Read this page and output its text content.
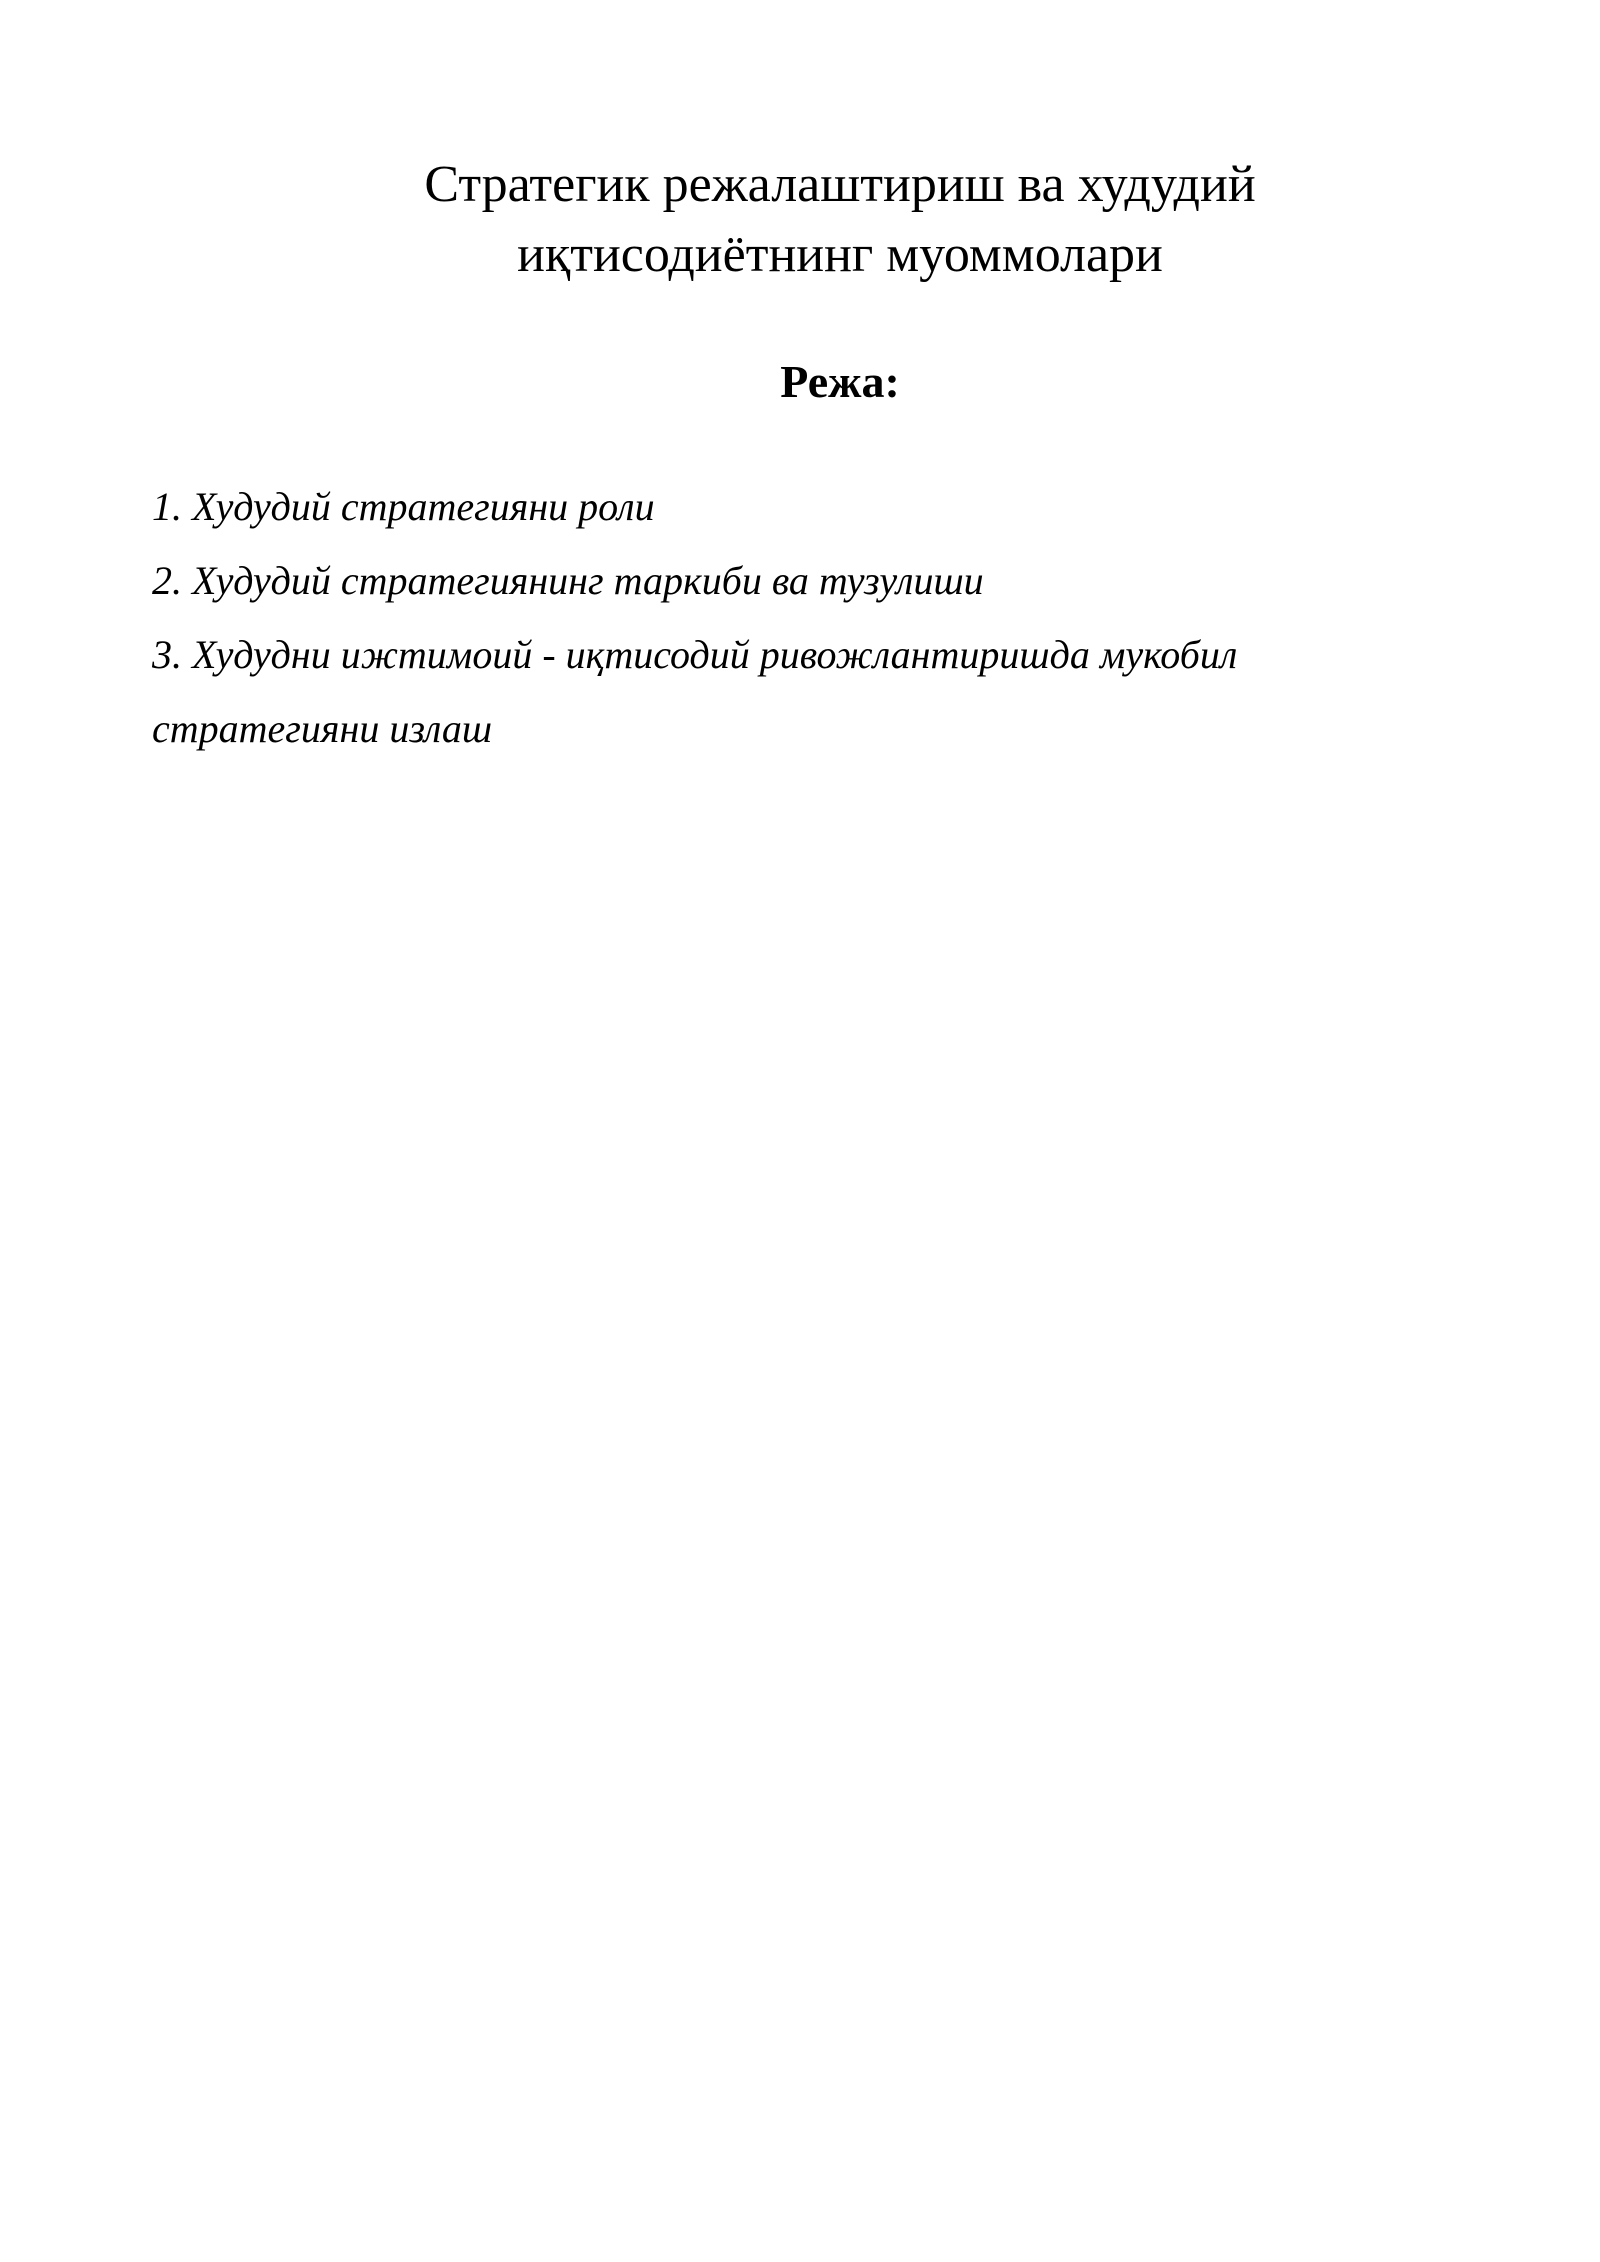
Стратегик режалаштириш ва худудий
иқтисодиётнинг муоммолари
Режа:
1. Худудий стратегияни роли
2. Худудий стратегиянинг таркиби ва тузулиши
3. Худудни ижтимоий - иқтисодий ривожлантиришда мукобил
стратегияни излаш
